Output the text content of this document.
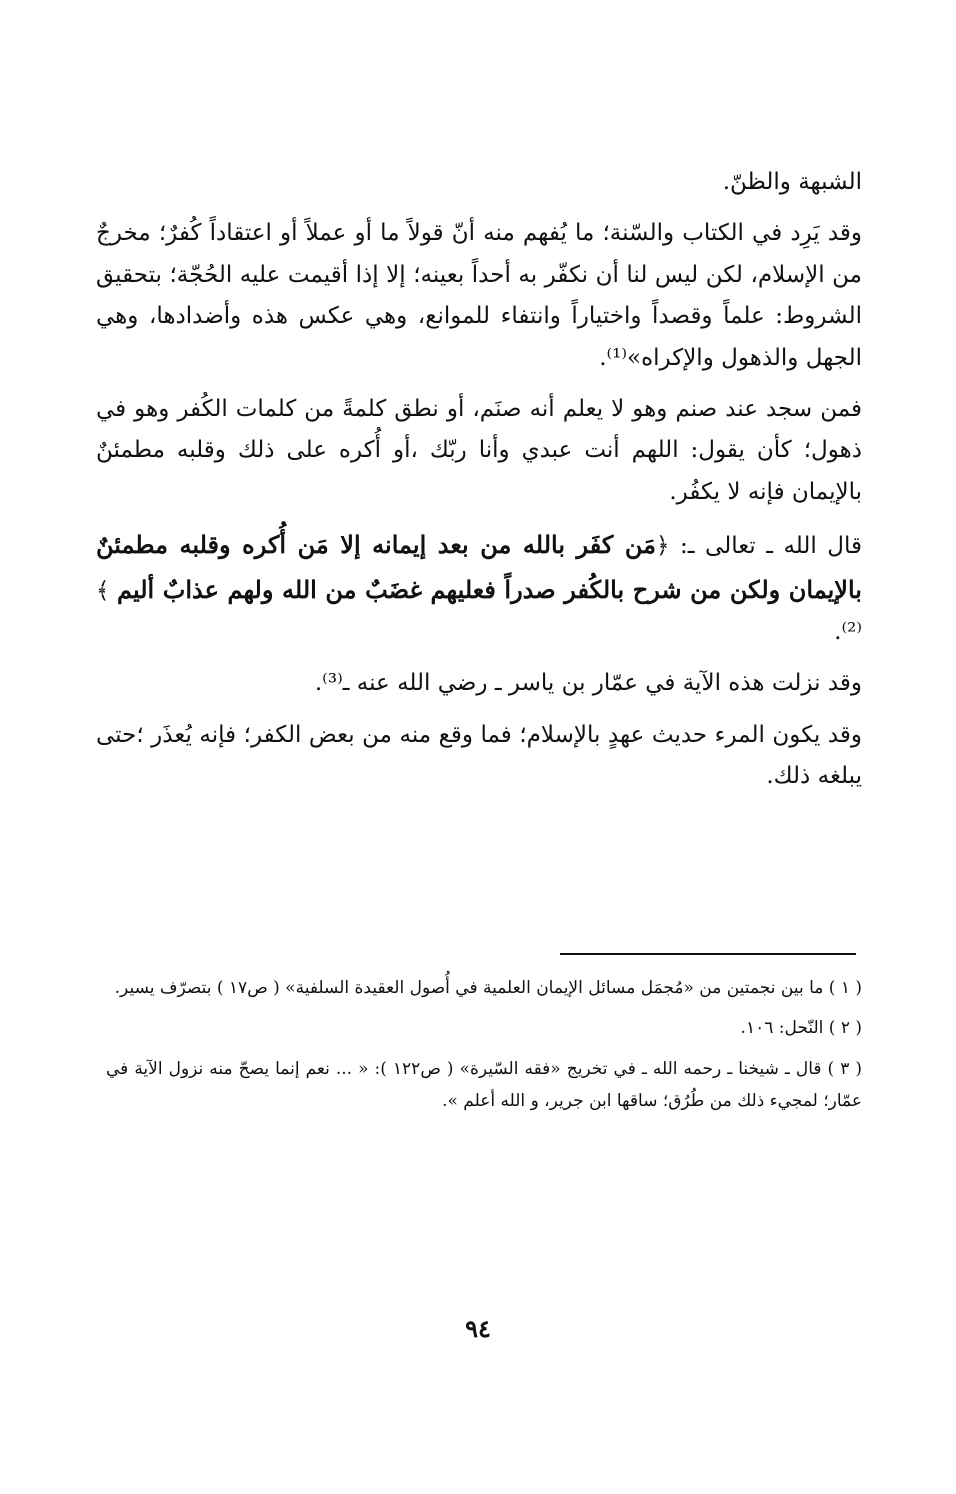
الشبهة والظنّ.

وقد يَرِد في الكتاب والسّنة؛ ما يُفهم منه أنّ قولاً ما أو عملاً أو اعتقاداً كُفرٌ؛ مخرجٌ من الإسلام، لكن ليس لنا أن نكفّر به أحداً بعينه؛ إلا إذا أقيمت عليه الحُجّة؛ بتحقيق الشروط: علماً وقصداً واختياراً وانتفاء للموانع، وهي عكس هذه وأضدادها، وهي الجهل والذهول والإكراه»⁽¹⁾.

فمن سجد عند صنم وهو لا يعلم أنه صنَم، أو نطق كلمةً من كلمات الكُفر وهو في ذهول؛ كأن يقول: اللهم أنت عبدي وأنا ربّك ،أو أُكره على ذلك وقلبه مطمئنٌ بالإيمان فإنه لا يكفُر.

قال الله ـ تعالى ـ: ﴿مَن كفَر بالله من بعد إيمانه إلا مَن أُكره وقلبه مطمئنٌ بالإيمان ولكن من شرح بالكُفر صدراً فعليهم غضَبٌ من الله ولهم عذابٌ أليم ﴾⁽²⁾.

وقد نزلت هذه الآية في عمّار بن ياسر ـ رضي الله عنه ـ⁽³⁾.

وقد يكون المرء حديث عهدٍ بالإسلام؛ فما وقع منه من بعض الكفر؛ فإنه يُعذَر ؛حتى يبلغه ذلك.

( ١ ) ما بين نجمتين من «مُجمَل مسائل الإيمان العلمية في أُصول العقيدة السلفية» ( ص١٧ ) بتصرّف يسير.

( ٢ ) النّحل: ١٠٦.

( ٣ ) قال ـ شيخنا ـ رحمه الله ـ في تخريج «فقه السّيرة» ( ص١٢٢ ): « ... نعم إنما يصحّ منه نزول الآية في عمّار؛ لمجيء ذلك من طُرُق؛ ساقها ابن جرير، و الله أعلم ».

٩٤
